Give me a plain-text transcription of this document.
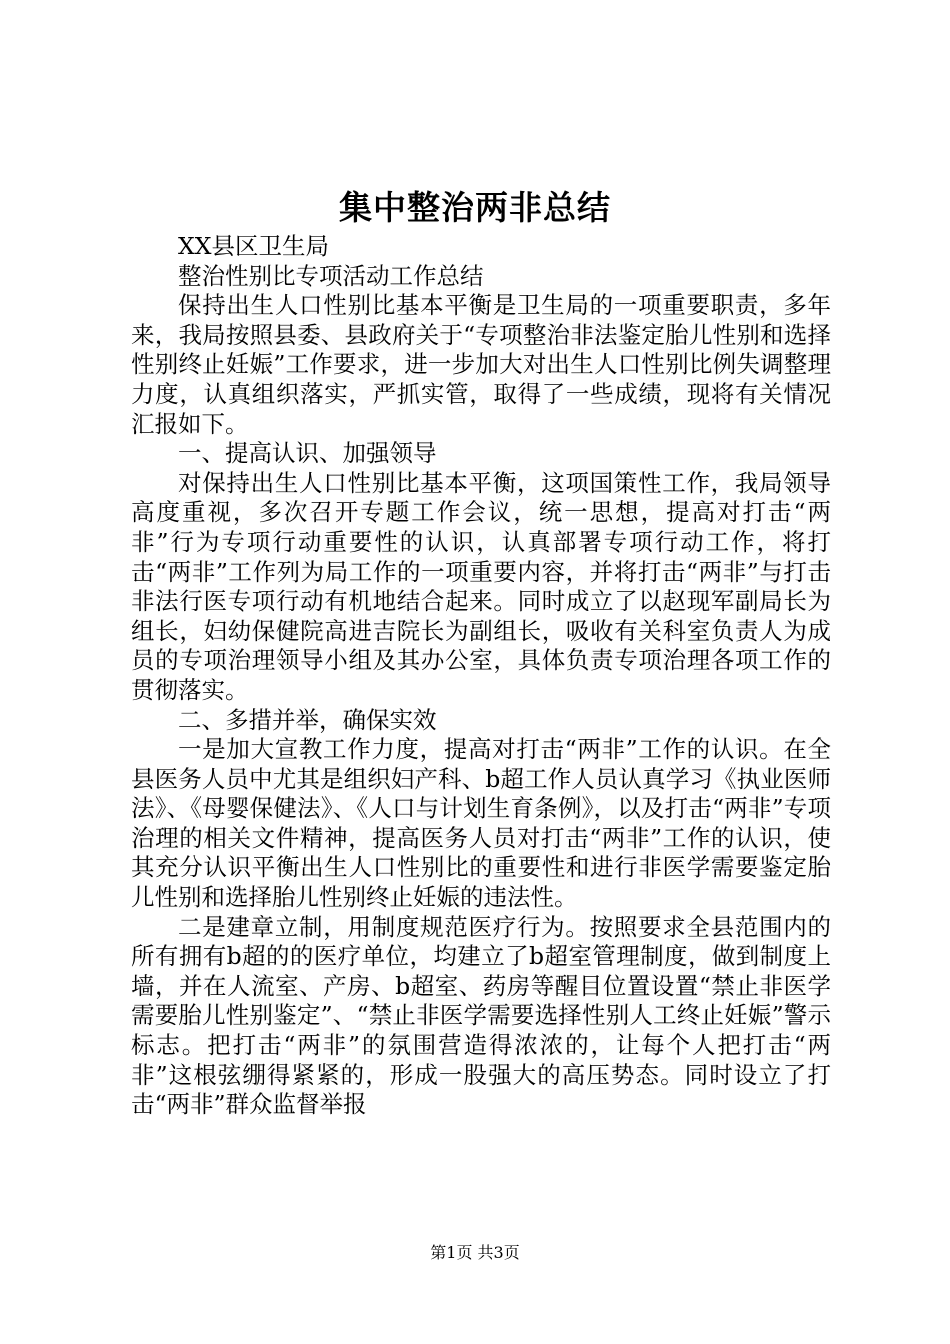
集中整治两非总结

XX县区卫生局

整治性别比专项活动工作总结

保持出生人口性别比基本平衡是卫生局的一项重要职责，多年来，我局按照县委、县政府关于“专项整治非法鉴定胎儿性别和选择性别终止妊娠”工作要求，进一步加大对出生人口性别比例失调整理力度，认真组织落实，严抓实管，取得了一些成绩，现将有关情况汇报如下。

一、提高认识、加强领导

对保持出生人口性别比基本平衡，这项国策性工作，我局领导高度重视，多次召开专题工作会议，统一思想，提高对打击“两非”行为专项行动重要性的认识，认真部署专项行动工作，将打击“两非”工作列为局工作的一项重要内容，并将打击“两非”与打击非法行医专项行动有机地结合起来。同时成立了以赵现军副局长为组长，妇幼保健院高进吉院长为副组长，吸收有关科室负责人为成员的专项治理领导小组及其办公室，具体负责专项治理各项工作的贯彻落实。

二、多措并举，确保实效

一是加大宣教工作力度，提高对打击“两非”工作的认识。在全县医务人员中尤其是组织妇产科、b超工作人员认真学习《执业医师法》、《母婴保健法》、《人口与计划生育条例》，以及打击“两非”专项治理的相关文件精神，提高医务人员对打击“两非”工作的认识，使其充分认识平衡出生人口性别比的重要性和进行非医学需要鉴定胎儿性别和选择胎儿性别终止妊娠的违法性。

二是建章立制，用制度规范医疗行为。按照要求全县范围内的所有拥有b超的的医疗单位，均建立了b超室管理制度，做到制度上墙，并在人流室、产房、b超室、药房等醒目位置设置“禁止非医学需要胎儿性别鉴定”、“禁止非医学需要选择性别人工终止妊娠”警示标志。把打击“两非”的氛围营造得浓浓的，让每个人把打击“两非”这根弦绷得紧紧的，形成一股强大的高压势态。同时设立了打击“两非”群众监督举报

第1页 共3页
